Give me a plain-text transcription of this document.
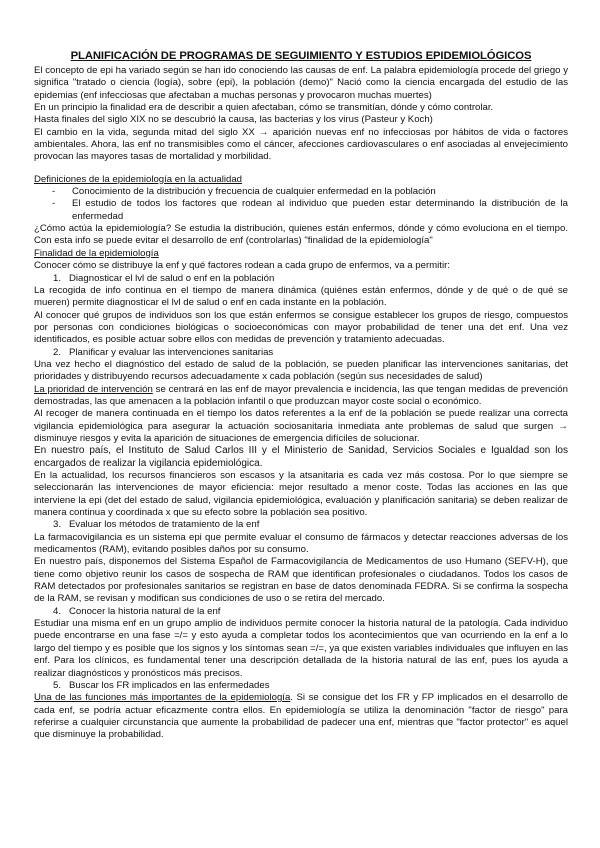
PLANIFICACIÓN DE PROGRAMAS DE SEGUIMIENTO Y ESTUDIOS EPIDEMIOLÓGICOS

El concepto de epi ha variado según se han ido conociendo las causas de enf. La palabra epidemiología procede del griego y significa "tratado o ciencia (logía), sobre (epi), la población (demo)" Nació como la ciencia encargada del estudio de las epidemias (enf infecciosas que afectaban a muchas personas y provocaron muchas muertes)

En un principio la finalidad era de describir a quien afectaban, cómo se transmitían, dónde y cómo controlar.

Hasta finales del siglo XIX no se descubrió la causa, las bacterias y los virus (Pasteur y Koch)

El cambio en la vida, segunda mitad del siglo XX → aparición nuevas enf no infecciosas por hábitos de vida o factores ambientales. Ahora, las enf no transmisibles como el cáncer, afecciones cardiovasculares o enf asociadas al envejecimiento provocan las mayores tasas de mortalidad y morbilidad.

Definiciones de la epidemiología en la actualidad

- Conocimiento de la distribución y frecuencia de cualquier enfermedad en la población
- El estudio de todos los factores que rodean al individuo que pueden estar determinando la distribución de la enfermedad

¿Cómo actúa la epidemiología? Se estudia la distribución, quienes están enfermos, dónde y cómo evoluciona en el tiempo. Con esta info se puede evitar el desarrollo de enf (controlarlas) "finalidad de la epidemiología"

Finalidad de la epidemiología

Conocer cómo se distribuye la enf y qué factores rodean a cada grupo de enfermos, va a permitir:

1. Diagnosticar el lvl de salud o enf en la población

La recogida de info continua en el tiempo de manera dinámica (quiénes están enfermos, dónde y de qué o de qué se mueren) permite diagnosticar el lvl de salud o enf en cada instante en la población.

Al conocer qué grupos de individuos son los que están enfermos se consigue establecer los grupos de riesgo, compuestos por personas con condiciones biológicas o socioeconómicas con mayor probabilidad de tener una det enf. Una vez identificados, es posible actuar sobre ellos con medidas de prevención y tratamiento adecuadas.

2. Planificar y evaluar las intervenciones sanitarias

Una vez hecho el diagnóstico del estado de salud de la población, se pueden planificar las intervenciones sanitarias, det prioridades y distribuyendo recursos adecuadamente x cada población (según sus necesidades de salud)

La prioridad de intervención se centrará en las enf de mayor prevalencia e incidencia, las que tengan medidas de prevención demostradas, las que amenacen a la población infantil o que produzcan mayor coste social o económico.

Al recoger de manera continuada en el tiempo los datos referentes a la enf de la población se puede realizar una correcta vigilancia epidemiológica para asegurar la actuación sociosanitaria inmediata ante problemas de salud que surgen → disminuye riesgos y evita la aparición de situaciones de emergencia difíciles de solucionar.

En nuestro país, el Instituto de Salud Carlos III y el Ministerio de Sanidad, Servicios Sociales e Igualdad son los encargados de realizar la vigilancia epidemiológica.

En la actualidad, los recursos financieros son escasos y la atsanitaria es cada vez más costosa. Por lo que siempre se seleccionarán las intervenciones de mayor eficiencia: mejor resultado a menor coste. Todas las acciones en las que interviene la epi (det del estado de salud, vigilancia epidemiológica, evaluación y planificación sanitaria) se deben realizar de manera continua y coordinada x que su efecto sobre la población sea positivo.

3. Evaluar los métodos de tratamiento de la enf

La farmacovigilancia es un sistema epi que permite evaluar el consumo de fármacos y detectar reacciones adversas de los medicamentos (RAM), evitando posibles daños por su consumo.

En nuestro país, disponemos del Sistema Español de Farmacovigilancia de Medicamentos de uso Humano (SEFV-H), que tiene como objetivo reunir los casos de sospecha de RAM que identifican profesionales o ciudadanos. Todos los casos de RAM detectados por profesionales sanitarios se registran en base de datos denominada FEDRA. Si se confirma la sospecha de la RAM, se revisan y modifican sus condiciones de uso o se retira del mercado.

4. Conocer la historia natural de la enf

Estudiar una misma enf en un grupo amplio de individuos permite conocer la historia natural de la patología. Cada individuo puede encontrarse en una fase =/= y esto ayuda a completar todos los acontecimientos que van ocurriendo en la enf a lo largo del tiempo y es posible que los signos y los síntomas sean =/=, ya que existen variables individuales que influyen en las enf. Para los clínicos, es fundamental tener una descripción detallada de la historia natural de las enf, pues los ayuda a realizar diagnósticos y pronósticos más precisos.

5. Buscar los FR implicados en las enfermedades

Una de las funciones más importantes de la epidemiología. Si se consigue det los FR y FP implicados en el desarrollo de cada enf, se podría actuar eficazmente contra ellos. En epidemiología se utiliza la denominación "factor de riesgo" para referirse a cualquier circunstancia que aumente la probabilidad de padecer una enf, mientras que "factor protector" es aquel que disminuye la probabilidad.
